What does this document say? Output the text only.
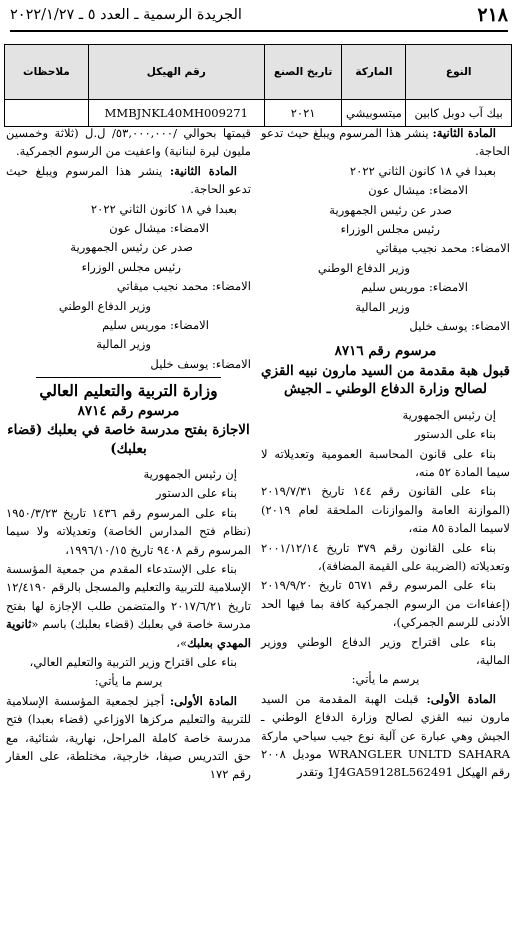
٢١٨
الجريدة الرسمية ـ العدد ٥ ـ ٢٠٢٢/١/٢٧
النوع	الماركة	تاريخ الصنع	رقم الهيكل	ملاحظات
بيك آب دوبل كابين	ميتسوبيشي	٢٠٢١	MMBJNKL40MH009271	

المادة الثانية: ينشر هذا المرسوم ويبلغ حيث تدعو الحاجة.

بعبدا في ١٨ كانون الثاني ٢٠٢٢

الامضاء: ميشال عون

صدر عن رئيس الجمهورية

رئيس مجلس الوزراء

الامضاء: محمد نجيب ميقاتي

وزير الدفاع الوطني

الامضاء: موريس سليم

وزير المالية

الامضاء: يوسف خليل

مرسوم رقم ٨٧١٦

قبول هبة مقدمة من السيد مارون نبيه القزي لصالح وزارة الدفاع الوطني ـ الجيش

إن رئيس الجمهورية

بناء على الدستور

بناء على قانون المحاسبة العمومية وتعديلاته لا سيما المادة ٥٢ منه،

بناء على القانون رقم ١٤٤ تاريخ ٢٠١٩/٧/٣١ (الموازنة العامة والموازنات الملحقة لعام ٢٠١٩) لاسيما المادة ٨٥ منه،

بناء على القانون رقم ٣٧٩ تاريخ ٢٠٠١/١٢/١٤ وتعديلاته (الضريبة على القيمة المضافة)،

بناء على المرسوم رقم ٥٦٧١ تاريخ ٢٠١٩/٩/٢٠ (إعفاءات من الرسوم الجمركية كافة بما فيها الحد الأدنى للرسم الجمركي)،

بناء على اقتراح وزير الدفاع الوطني ووزير المالية،

يرسم ما يأتي:

المادة الأولى: قبلت الهبة المقدمة من السيد مارون نبيه القزي لصالح وزارة الدفاع الوطني ـ الجيش وهي عبارة عن آلية نوع جيب سياحي ماركة WRANGLER UNLTD SAHARA موديل ٢٠٠٨ رقم الهيكل 1J4GA59128L562491 وتقدر

قيمتها بحوالي /٥٣,٠٠٠,٠٠٠/ ل.ل (ثلاثة وخمسين مليون ليرة لبنانية) واعفيت من الرسوم الجمركية.

المادة الثانية: ينشر هذا المرسوم ويبلغ حيث تدعو الحاجة.

بعبدا في ١٨ كانون الثاني ٢٠٢٢

الامضاء: ميشال عون

صدر عن رئيس الجمهورية

رئيس مجلس الوزراء

الامضاء: محمد نجيب ميقاتي

وزير الدفاع الوطني

الامضاء: موريس سليم

وزير المالية

الامضاء: يوسف خليل

وزارة التربية والتعليم العالي

مرسوم رقم ٨٧١٤

الاجازة بفتح مدرسة خاصة في بعلبك (قضاء بعلبك)

إن رئيس الجمهورية

بناء على الدستور

بناء على المرسوم رقم ١٤٣٦ تاريخ ١٩٥٠/٣/٢٣ (نظام فتح المدارس الخاصة) وتعديلاته ولا سيما المرسوم رقم ٩٤٠٨ تاريخ ١٩٩٦/١٠/١٥،

بناء على الإستدعاء المقدم من جمعية المؤسسة الإسلامية للتربية والتعليم والمسجل بالرقم ١٢/٤١٩٠ تاريخ ٢٠١٧/٦/٢١ والمتضمن طلب الإجازة لها بفتح مدرسة خاصة في بعلبك (قضاء بعلبك) باسم «ثانوية المهدي بعلبك»،

بناء على اقتراح وزير التربية والتعليم العالي،

يرسم ما يأتي:

المادة الأولى: أجيز لجمعية المؤسسة الإسلامية للتربية والتعليم مركزها الاوزاعي (قضاء بعبدا) فتح مدرسة خاصة كاملة المراحل، نهارية، شتائية، مع حق التدريس صيفا، خارجية، مختلطة، على العقار رقم ١٧٢
